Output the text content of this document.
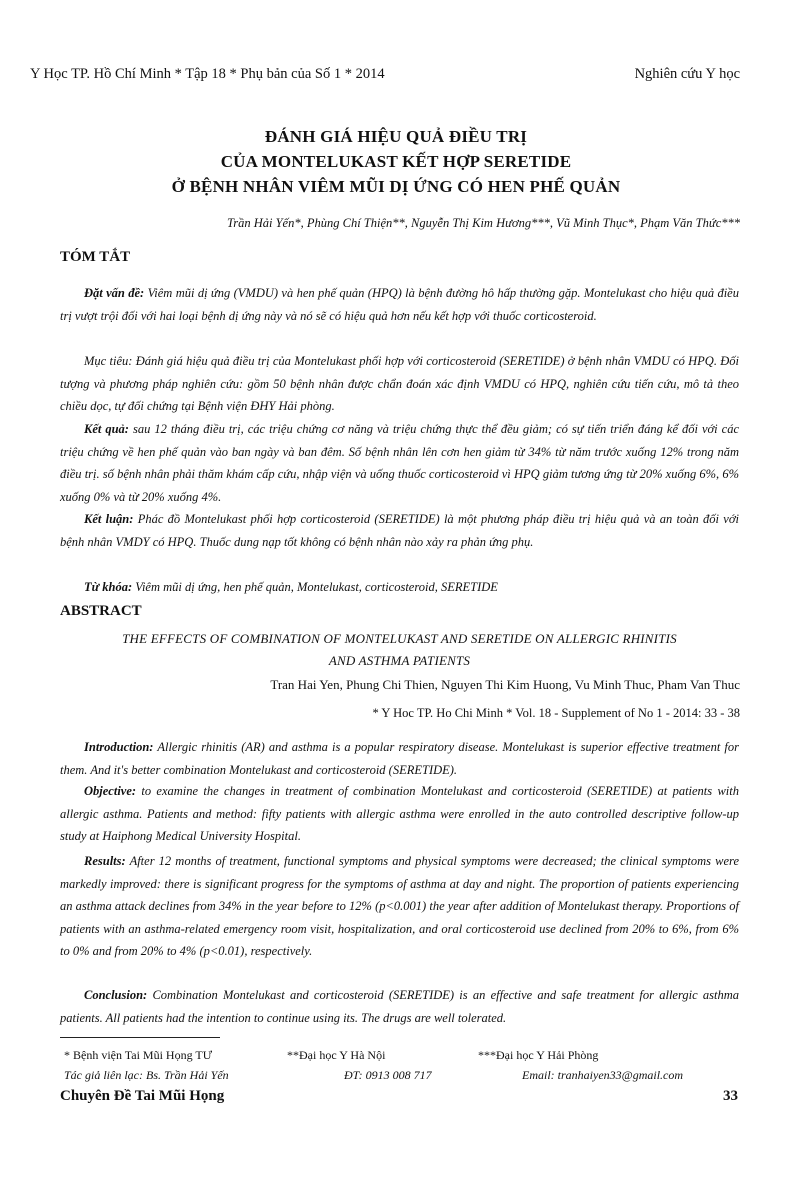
Y Học TP. Hồ Chí Minh * Tập 18 * Phụ bản của Số 1 * 2014	Nghiên cứu Y học
ĐÁNH GIÁ HIỆU QUẢ ĐIỀU TRỊ
CỦA MONTELUKAST KẾT HỢP SERETIDE
Ở BỆNH NHÂN VIÊM MŨI DỊ ỨNG CÓ HEN PHẾ QUẢN
Trần Hải Yến*, Phùng Chí Thiện**, Nguyễn Thị Kim Hương***, Vũ Minh Thục*, Phạm Văn Thức***
TÓM TẮT
Đặt vấn đề: Viêm mũi dị ứng (VMDU) và hen phế quản (HPQ) là bệnh đường hô hấp thường gặp. Montelukast cho hiệu quả điều trị vượt trội đối với hai loại bệnh dị ứng này và nó sẽ có hiệu quả hơn nếu kết hợp với thuốc corticosteroid.
Mục tiêu: Đánh giá hiệu quả điều trị của Montelukast phối hợp với corticosteroid (SERETIDE) ở bệnh nhân VMDU có HPQ. Đối tượng và phương pháp nghiên cứu: gồm 50 bệnh nhân được chẩn đoán xác định VMDU có HPQ, nghiên cứu tiến cứu, mô tả theo chiều dọc, tự đối chứng tại Bệnh viện ĐHY Hải phòng.
Kết quả: sau 12 tháng điều trị, các triệu chứng cơ năng và triệu chứng thực thể đều giảm; có sự tiến triển đáng kể đối với các triệu chứng về hen phế quản vào ban ngày và ban đêm. Số bệnh nhân lên cơn hen giảm từ 34% từ năm trước xuống 12% trong năm điều trị. số bệnh nhân phải thăm khám cấp cứu, nhập viện và uống thuốc corticosteroid vì HPQ giảm tương ứng từ 20% xuống 6%, 6% xuống 0% và từ 20% xuống 4%.
Kết luận: Phác đồ Montelukast phối hợp corticosteroid (SERETIDE) là một phương pháp điều trị hiệu quả và an toàn đối với bệnh nhân VMDY có HPQ. Thuốc dung nạp tốt không có bệnh nhân nào xảy ra phản ứng phụ.
Từ khóa: Viêm mũi dị ứng, hen phế quản, Montelukast, corticosteroid, SERETIDE
ABSTRACT
THE EFFECTS OF COMBINATION OF MONTELUKAST AND SERETIDE ON ALLERGIC RHINITIS
AND ASTHMA PATIENTS
Tran Hai Yen, Phung Chi Thien, Nguyen Thi Kim Huong, Vu Minh Thuc, Pham Van Thuc
* Y Hoc TP. Ho Chi Minh * Vol. 18 - Supplement of No 1 - 2014: 33 - 38
Introduction: Allergic rhinitis (AR) and asthma is a popular respiratory disease. Montelukast is superior effective treatment for them. And it's better combination Montelukast and corticosteroid (SERETIDE).
Objective: to examine the changes in treatment of combination Montelukast and corticosteroid (SERETIDE) at patients with allergic asthma. Patients and method: fifty patients with allergic asthma were enrolled in the auto controlled descriptive follow-up study at Haiphong Medical University Hospital.
Results: After 12 months of treatment, functional symptoms and physical symptoms were decreased; the clinical symptoms were markedly improved: there is significant progress for the symptoms of asthma at day and night. The proportion of patients experiencing an asthma attack declines from 34% in the year before to 12% (p<0.001) the year after addition of Montelukast therapy. Proportions of patients with an asthma-related emergency room visit, hospitalization, and oral corticosteroid use declined from 20% to 6%, from 6% to 0% and from 20% to 4% (p<0.01), respectively.
Conclusion: Combination Montelukast and corticosteroid (SERETIDE) is an effective and safe treatment for allergic asthma patients. All patients had the intention to continue using its. The drugs are well tolerated.
* Bệnh viện Tai Mũi Họng TƯ	**Đại học Y Hà Nội	***Đại học Y Hải Phòng
Tác giả liên lạc: Bs. Trần Hải Yến	ĐT: 0913 008 717	Email: tranhaiyen33@gmail.com
Chuyên Đề Tai Mũi Họng	33
